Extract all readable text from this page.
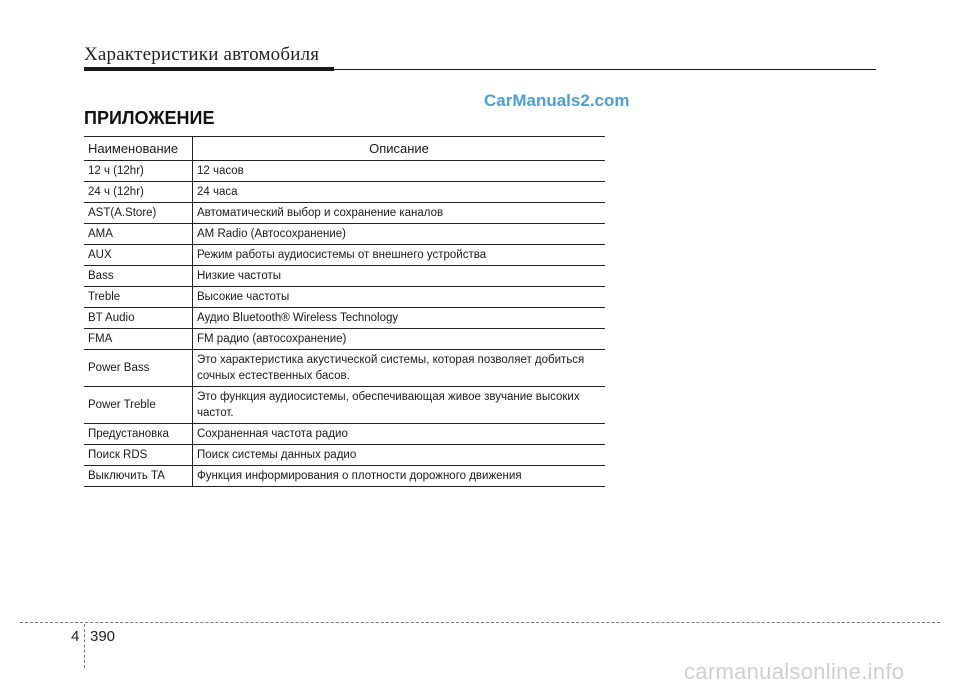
Характеристики автомобиля
CarManuals2.com
ПРИЛОЖЕНИЕ
Наименование	Описание
12 ч (12hr)	12 часов
24 ч (12hr)	24 часа
AST(A.Store)	Автоматический выбор и сохранение каналов
AMA	AM Radio (Автосохранение)
AUX	Режим работы аудиосистемы от внешнего устройства
Bass	Низкие частоты
Treble	Высокие частоты
BT Audio	Аудио Bluetooth® Wireless Technology
FMA	FM радио (автосохранение)
Power Bass	Это характеристика акустической системы, которая позволяет добиться сочных естественных басов.
Power Treble	Это функция аудиосистемы, обеспечивающая живое звучание высоких частот.
Предустановка	Сохраненная частота радио
Поиск RDS	Поиск системы данных радио
Выключить TA	Функция информирования о плотности дорожного движения
4 390
carmanualsonline.info
